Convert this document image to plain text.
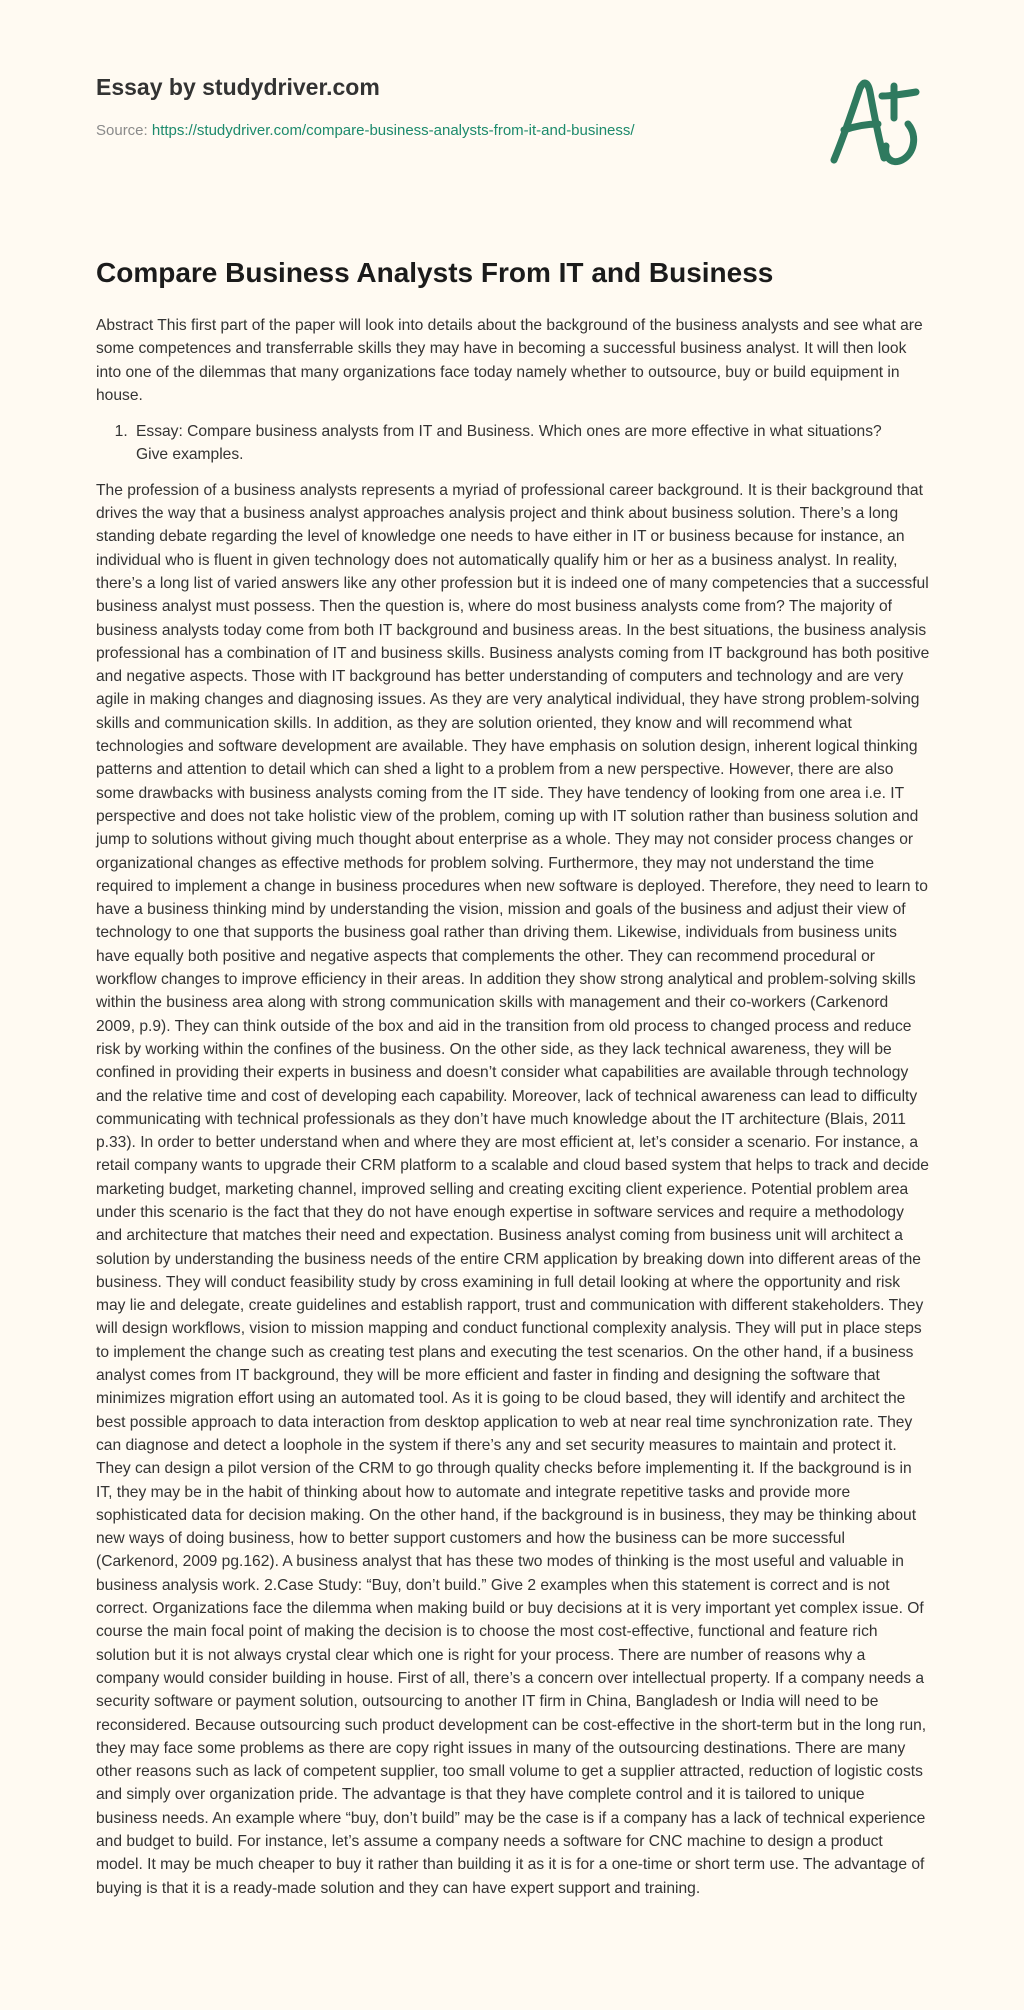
Essay by studydriver.com
Source: https://studydriver.com/compare-business-analysts-from-it-and-business/
Compare Business Analysts From IT and Business

Abstract This first part of the paper will look into details about the background of the business analysts and see what are some competences and transferrable skills they may have in becoming a successful business analyst. It will then look into one of the dilemmas that many organizations face today namely whether to outsource, buy or build equipment in house.

1. Essay: Compare business analysts from IT and Business. Which ones are more effective in what situations? Give examples.

The profession of a business analysts represents a myriad of professional career background. It is their background that drives the way that a business analyst approaches analysis project and think about business solution. There’s a long standing debate regarding the level of knowledge one needs to have either in IT or business because for instance, an individual who is fluent in given technology does not automatically qualify him or her as a business analyst. In reality, there’s a long list of varied answers like any other profession but it is indeed one of many competencies that a successful business analyst must possess. Then the question is, where do most business analysts come from? The majority of business analysts today come from both IT background and business areas. In the best situations, the business analysis professional has a combination of IT and business skills. Business analysts coming from IT background has both positive and negative aspects. Those with IT background has better understanding of computers and technology and are very agile in making changes and diagnosing issues. As they are very analytical individual, they have strong problem-solving skills and communication skills. In addition, as they are solution oriented, they know and will recommend what technologies and software development are available. They have emphasis on solution design, inherent logical thinking patterns and attention to detail which can shed a light to a problem from a new perspective. However, there are also some drawbacks with business analysts coming from the IT side. They have tendency of looking from one area i.e. IT perspective and does not take holistic view of the problem, coming up with IT solution rather than business solution and jump to solutions without giving much thought about enterprise as a whole. They may not consider process changes or organizational changes as effective methods for problem solving. Furthermore, they may not understand the time required to implement a change in business procedures when new software is deployed. Therefore, they need to learn to have a business thinking mind by understanding the vision, mission and goals of the business and adjust their view of technology to one that supports the business goal rather than driving them. Likewise, individuals from business units have equally both positive and negative aspects that complements the other. They can recommend procedural or workflow changes to improve efficiency in their areas. In addition they show strong analytical and problem-solving skills within the business area along with strong communication skills with management and their co-workers (Carkenord 2009, p.9). They can think outside of the box and aid in the transition from old process to changed process and reduce risk by working within the confines of the business. On the other side, as they lack technical awareness, they will be confined in providing their experts in business and doesn’t consider what capabilities are available through technology and the relative time and cost of developing each capability. Moreover, lack of technical awareness can lead to difficulty communicating with technical professionals as they don’t have much knowledge about the IT architecture (Blais, 2011 p.33). In order to better understand when and where they are most efficient at, let’s consider a scenario. For instance, a retail company wants to upgrade their CRM platform to a scalable and cloud based system that helps to track and decide marketing budget, marketing channel, improved selling and creating exciting client experience. Potential problem area under this scenario is the fact that they do not have enough expertise in software services and require a methodology and architecture that matches their need and expectation. Business analyst coming from business unit will architect a solution by understanding the business needs of the entire CRM application by breaking down into different areas of the business. They will conduct feasibility study by cross examining in full detail looking at where the opportunity and risk may lie and delegate, create guidelines and establish rapport, trust and communication with different stakeholders. They will design workflows, vision to mission mapping and conduct functional complexity analysis. They will put in place steps to implement the change such as creating test plans and executing the test scenarios. On the other hand, if a business analyst comes from IT background, they will be more efficient and faster in finding and designing the software that minimizes migration effort using an automated tool. As it is going to be cloud based, they will identify and architect the best possible approach to data interaction from desktop application to web at near real time synchronization rate. They can diagnose and detect a loophole in the system if there’s any and set security measures to maintain and protect it. They can design a pilot version of the CRM to go through quality checks before implementing it. If the background is in IT, they may be in the habit of thinking about how to automate and integrate repetitive tasks and provide more sophisticated data for decision making. On the other hand, if the background is in business, they may be thinking about new ways of doing business, how to better support customers and how the business can be more successful (Carkenord, 2009 pg.162). A business analyst that has these two modes of thinking is the most useful and valuable in business analysis work. 2.Case Study: “Buy, don’t build.” Give 2 examples when this statement is correct and is not correct. Organizations face the dilemma when making build or buy decisions at it is very important yet complex issue. Of course the main focal point of making the decision is to choose the most cost-effective, functional and feature rich solution but it is not always crystal clear which one is right for your process. There are number of reasons why a company would consider building in house. First of all, there’s a concern over intellectual property. If a company needs a security software or payment solution, outsourcing to another IT firm in China, Bangladesh or India will need to be reconsidered. Because outsourcing such product development can be cost-effective in the short-term but in the long run, they may face some problems as there are copy right issues in many of the outsourcing destinations. There are many other reasons such as lack of competent supplier, too small volume to get a supplier attracted, reduction of logistic costs and simply over organization pride. The advantage is that they have complete control and it is tailored to unique business needs. An example where “buy, don’t build” may be the case is if a company has a lack of technical experience and budget to build. For instance, let’s assume a company needs a software for CNC machine to design a product model. It may be much cheaper to buy it rather than building it as it is for a one-time or short term use. The advantage of buying is that it is a ready-made solution and they can have expert support and training.
